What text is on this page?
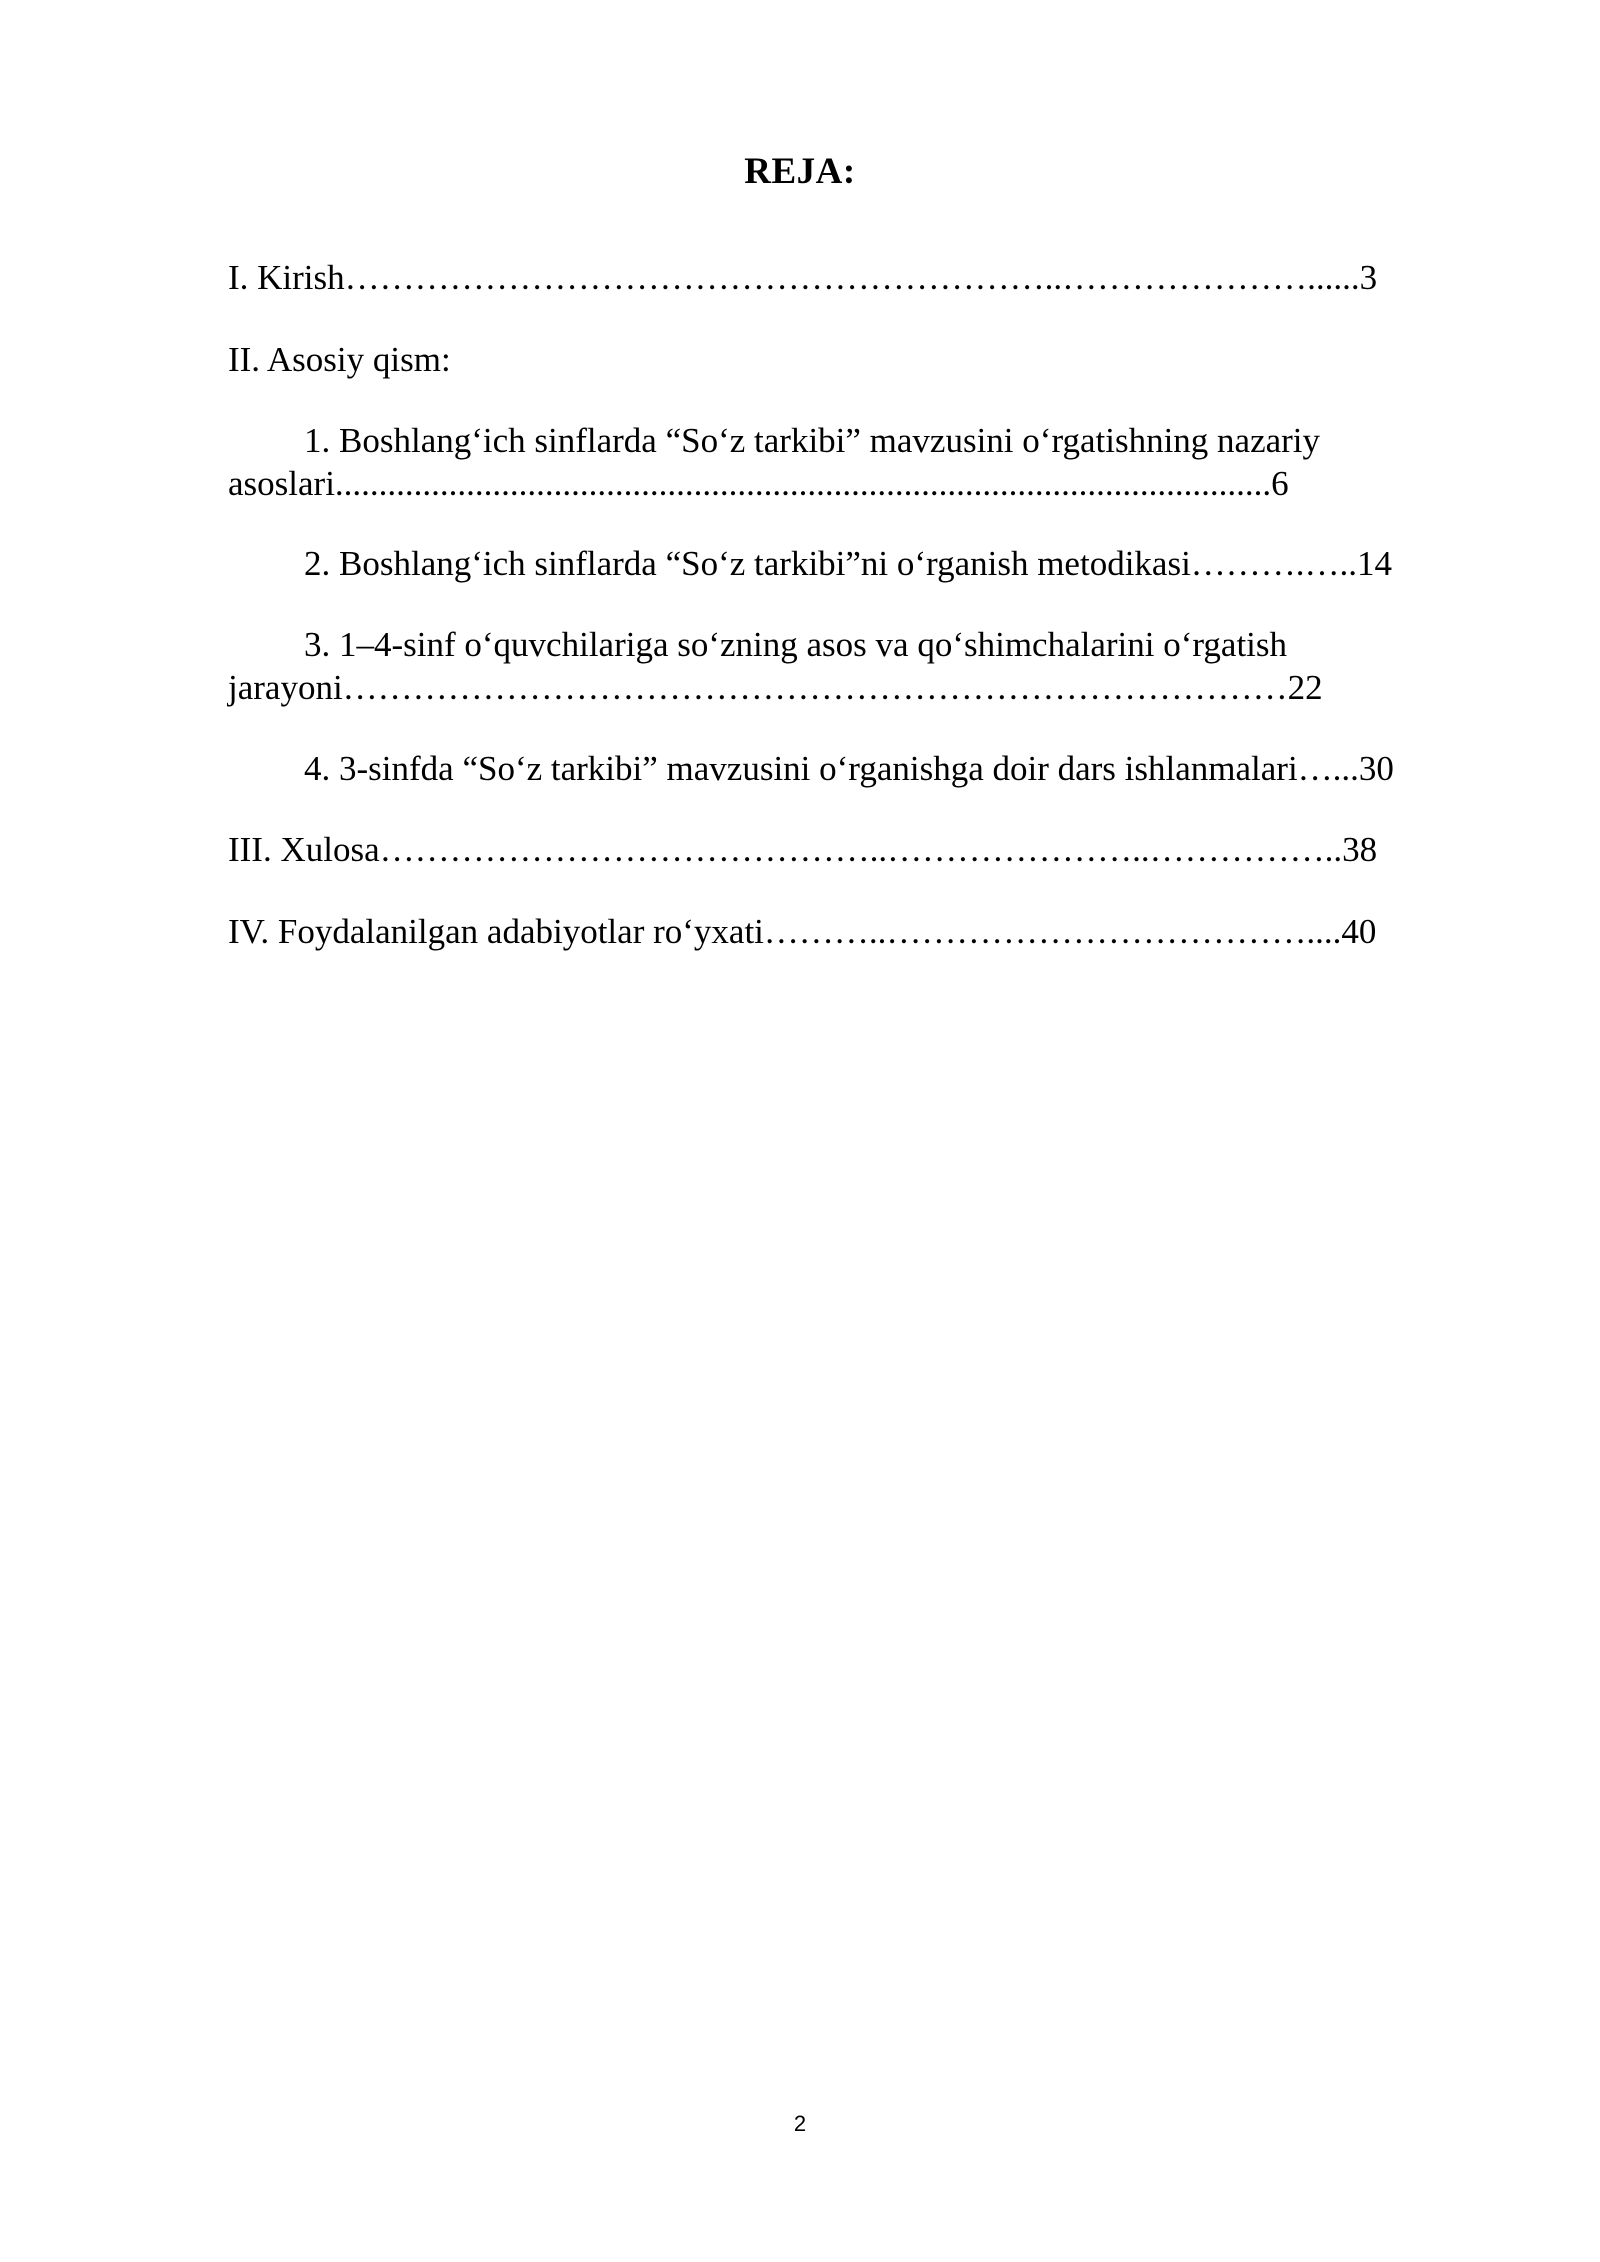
REJA:
I. Kirish……………………………………………………..…………………......3
II. Asosiy qism:
1. Boshlang‘ich sinflarda “So‘z tarkibi” mavzusini o‘rgatishning nazariy
asoslari...........................................................................................................6
2. Boshlang‘ich sinflarda “So‘z tarkibi”ni o‘rganish metodikasi……….…..14
3. 1–4-sinf o‘quvchilariga so‘zning asos va qo‘shimchalarini o‘rgatish
jarayoni………………………………………………………………………22
4. 3-sinfda “So‘z tarkibi” mavzusini o‘rganishga doir dars ishlanmalari…...30
III. Xulosa……………………………………..…………………..……………..38
IV. Foydalanilgan adabiyotlar ro‘yxati………..………………………………....40
2
